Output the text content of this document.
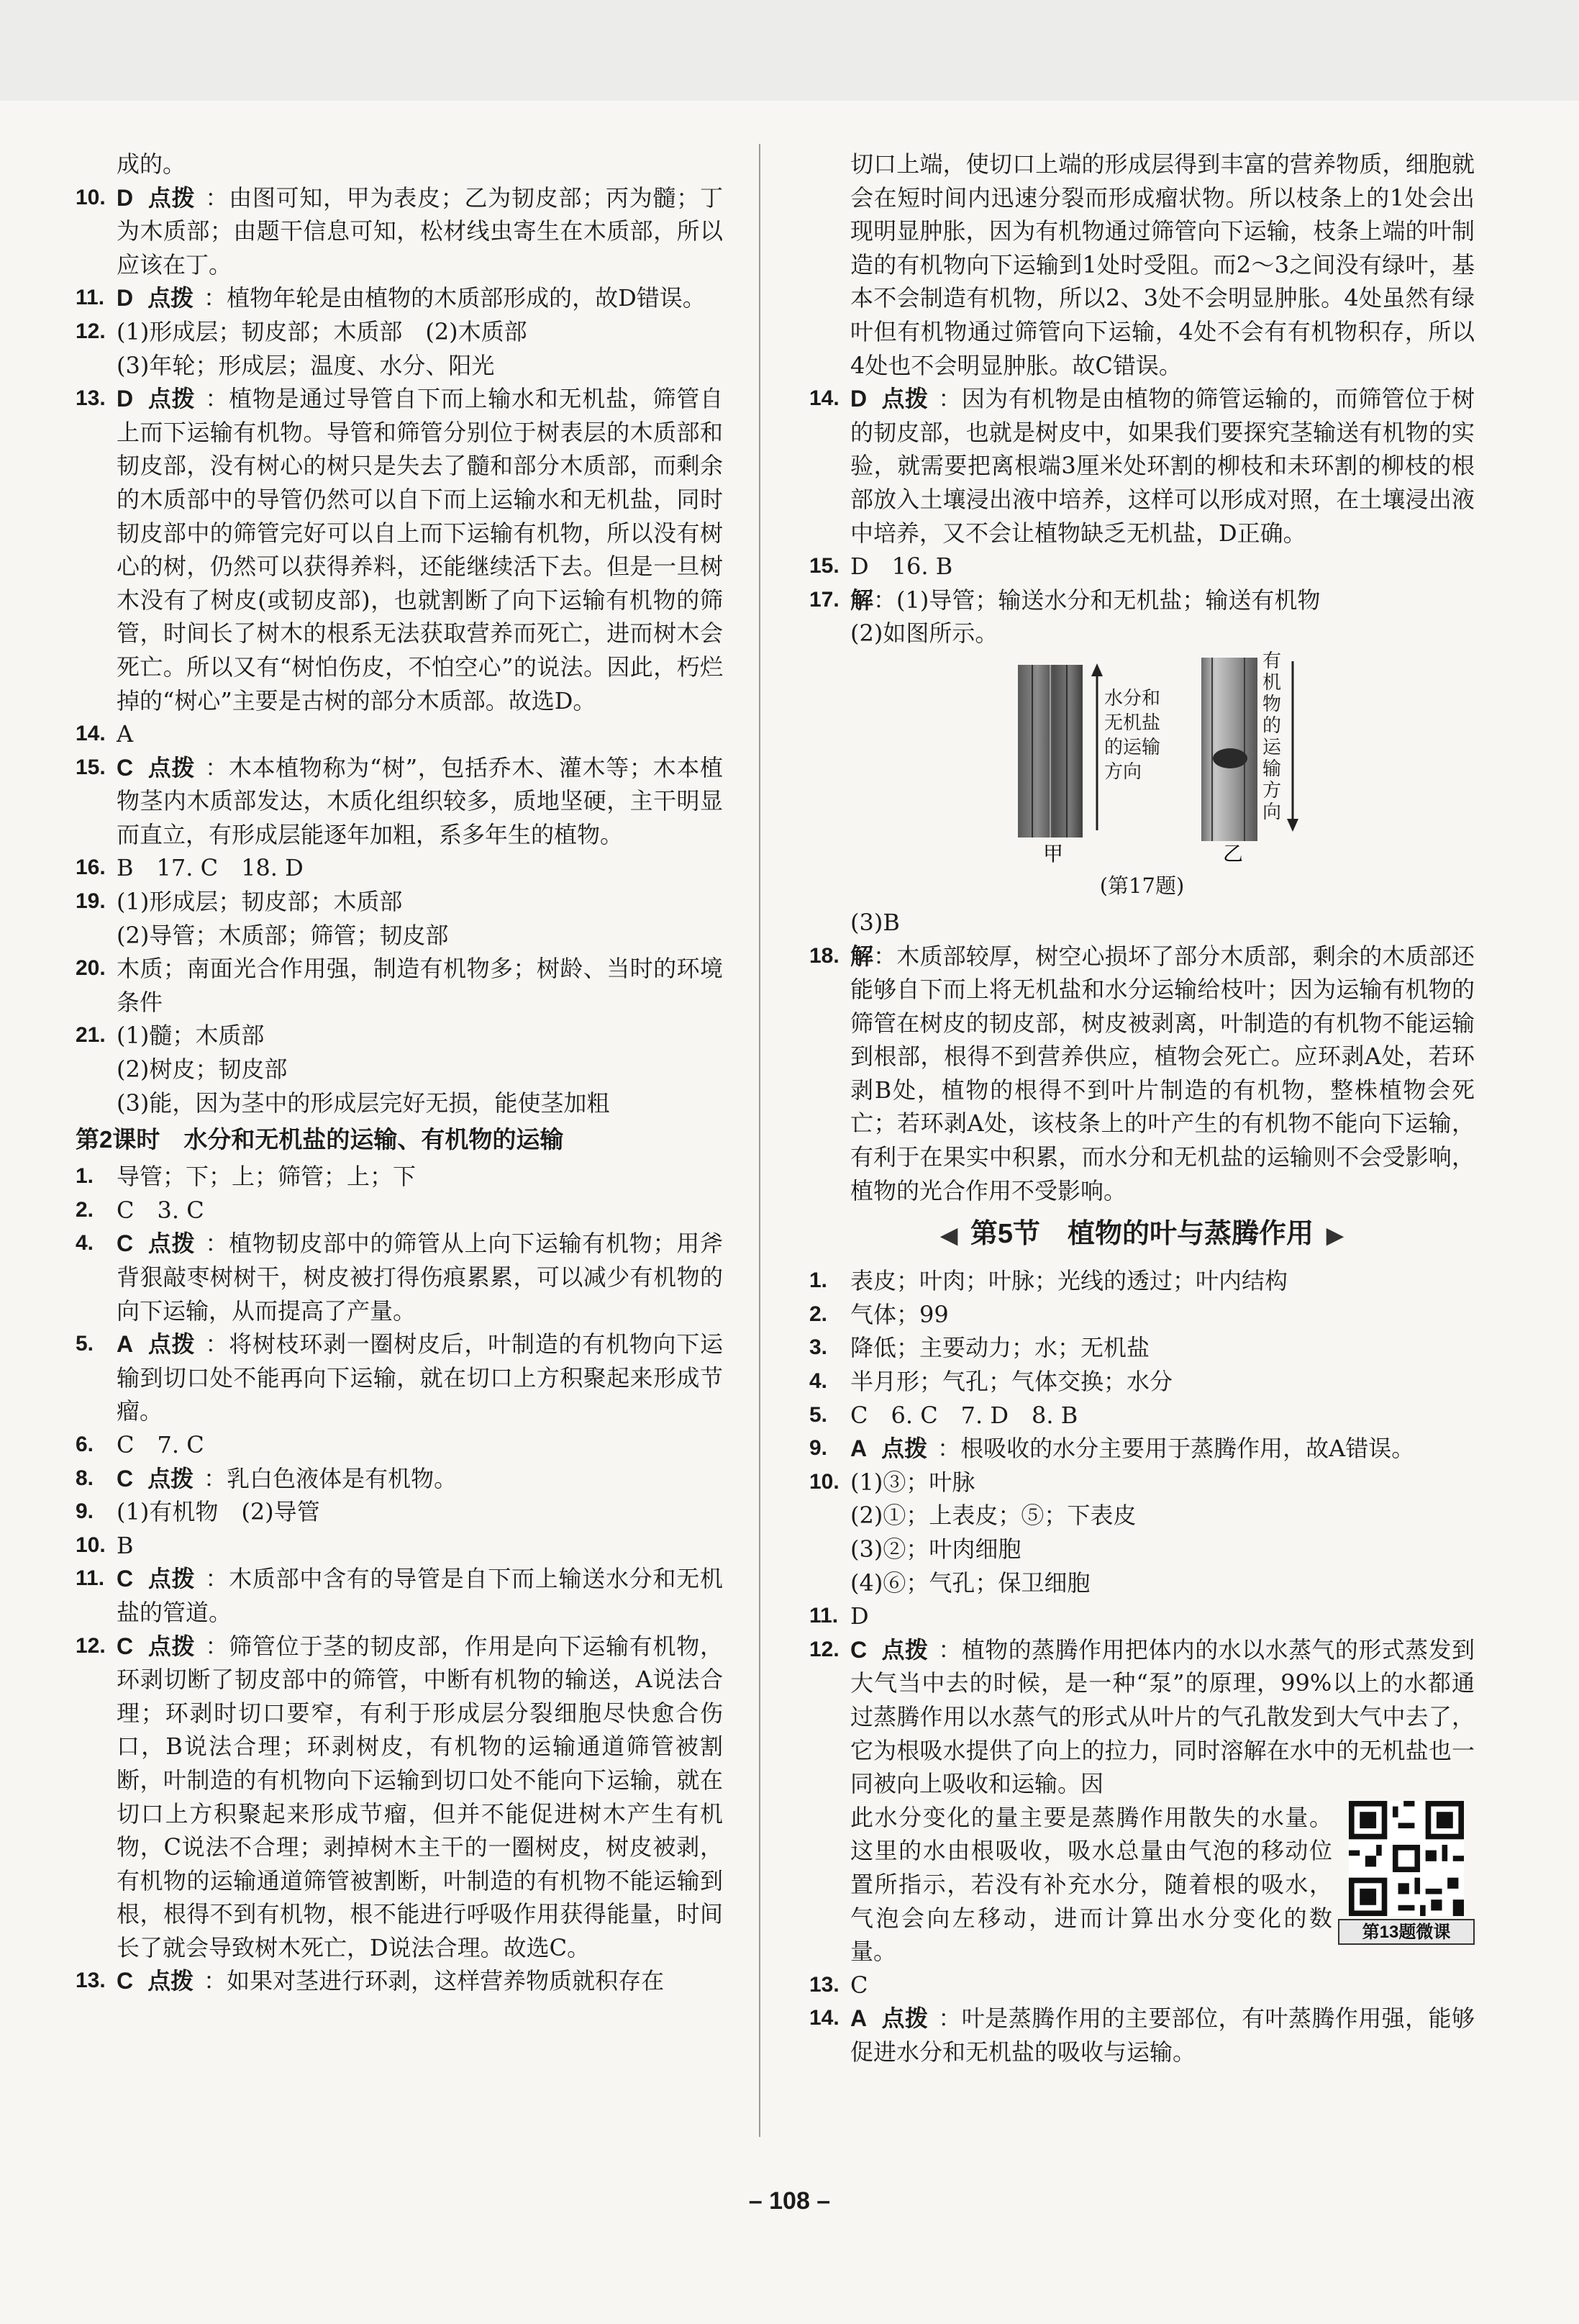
成的。

10. D 点拨 ：由图可知，甲为表皮；乙为韧皮部；丙为髓；丁为木质部；由题干信息可知，松材线虫寄生在木质部，所以应该在丁。
11. D 点拨 ：植物年轮是由植物的木质部形成的，故D错误。
12. (1)形成层；韧皮部；木质部　(2)木质部

(3)年轮；形成层；温度、水分、阳光

13. D 点拨 ：植物是通过导管自下而上输水和无机盐，筛管自上而下运输有机物。导管和筛管分别位于树表层的木质部和韧皮部，没有树心的树只是失去了髓和部分木质部，而剩余的木质部中的导管仍然可以自下而上运输水和无机盐，同时韧皮部中的筛管完好可以自上而下运输有机物，所以没有树心的树，仍然可以获得养料，还能继续活下去。但是一旦树木没有了树皮(或韧皮部)，也就割断了向下运输有机物的筛管，时间长了树木的根系无法获取营养而死亡，进而树木会死亡。所以又有“树怕伤皮，不怕空心”的说法。因此，朽烂掉的“树心”主要是古树的部分木质部。故选D。
14. A
15. C 点拨 ：木本植物称为“树”，包括乔木、灌木等；木本植物茎内木质部发达，木质化组织较多，质地坚硬，主干明显而直立，有形成层能逐年加粗，系多年生的植物。
16. B　17. C　18. D
19. (1)形成层；韧皮部；木质部

(2)导管；木质部；筛管；韧皮部

20. 木质；南面光合作用强，制造有机物多；树龄、当时的环境条件
21. (1)髓；木质部

(2)树皮；韧皮部

(3)能，因为茎中的形成层完好无损，能使茎加粗

第2课时　水分和无机盐的运输、有机物的运输
1. 导管；下；上；筛管；上；下
2. C　3. C
4. C 点拨 ：植物韧皮部中的筛管从上向下运输有机物；用斧背狠敲枣树树干，树皮被打得伤痕累累，可以减少有机物的向下运输，从而提高了产量。
5. A 点拨 ：将树枝环剥一圈树皮后，叶制造的有机物向下运输到切口处不能再向下运输，就在切口上方积聚起来形成节瘤。
6. C　7. C
8. C 点拨 ：乳白色液体是有机物。
9. (1)有机物　(2)导管
10. B
11. C 点拨 ：木质部中含有的导管是自下而上输送水分和无机盐的管道。
12. C 点拨 ：筛管位于茎的韧皮部，作用是向下运输有机物，环剥切断了韧皮部中的筛管，中断有机物的输送，A说法合理；环剥时切口要窄，有利于形成层分裂细胞尽快愈合伤口，B说法合理；环剥树皮，有机物的运输通道筛管被割断，叶制造的有机物向下运输到切口处不能向下运输，就在切口上方积聚起来形成节瘤，但并不能促进树木产生有机物，C说法不合理；剥掉树木主干的一圈树皮，树皮被剥，有机物的运输通道筛管被割断，叶制造的有机物不能运输到根，根得不到有机物，根不能进行呼吸作用获得能量，时间长了就会导致树木死亡，D说法合理。故选C。
13. C 点拨 ：如果对茎进行环剥，这样营养物质就积存在

切口上端，使切口上端的形成层得到丰富的营养物质，细胞就会在短时间内迅速分裂而形成瘤状物。所以枝条上的1处会出现明显肿胀，因为有机物通过筛管向下运输，枝条上端的叶制造的有机物向下运输到1处时受阻。而2～3之间没有绿叶，基本不会制造有机物，所以2、3处不会明显肿胀。4处虽然有绿叶但有机物通过筛管向下运输，4处不会有有机物积存，所以4处也不会明显肿胀。故C错误。

14. D 点拨 ：因为有机物是由植物的筛管运输的，而筛管位于树的韧皮部，也就是树皮中，如果我们要探究茎输送有机物的实验，就需要把离根端3厘米处环割的柳枝和未环割的柳枝的根部放入土壤浸出液中培养，这样可以形成对照，在土壤浸出液中培养，又不会让植物缺乏无机盐，D正确。
15. D　16. B
17. 解：(1)导管；输送水分和无机盐；输送有机物

(2)如图所示。

水分和无机盐的运输方向
甲
有机物的运输方向
乙

(第17题)

(3)B

18. 解：木质部较厚，树空心损坏了部分木质部，剩余的木质部还能够自下而上将无机盐和水分运输给枝叶；因为运输有机物的筛管在树皮的韧皮部，树皮被剥离，叶制造的有机物不能运输到根部，根得不到营养供应，植物会死亡。应环剥A处，若环剥B处，植物的根得不到叶片制造的有机物，整株植物会死亡；若环剥A处，该枝条上的叶产生的有机物不能向下运输，有利于在果实中积累，而水分和无机盐的运输则不会受影响，植物的光合作用不受影响。
◀ 第5节　植物的叶与蒸腾作用 ▶
1. 表皮；叶肉；叶脉；光线的透过；叶内结构
2. 气体；99
3. 降低；主要动力；水；无机盐
4. 半月形；气孔；气体交换；水分
5. C　6. C　7. D　8. B
9. A 点拨 ：根吸收的水分主要用于蒸腾作用，故A错误。
10. (1)③；叶脉

(2)①；上表皮；⑤；下表皮

(3)②；叶肉细胞

(4)⑥；气孔；保卫细胞

11. D
12. C 点拨 ：植物的蒸腾作用把体内的水以水蒸气的形式蒸发到大气当中去的时候，是一种“泵”的原理，99%以上的水都通过蒸腾作用以水蒸气的形式从叶片的气孔散发到大气中去了，它为根吸水提供了向上的拉力，同时溶解在水中的无机盐也一同被向上吸收和运输。因

此水分变化的量主要是蒸腾作用散失的水量。这里的水由根吸收，吸水总量由气泡的移动位置所指示，若没有补充水分，随着根的吸水，气泡会向左移动，进而计算出水分变化的数量。

第13题微课
13. C
14. A 点拨 ：叶是蒸腾作用的主要部位，有叶蒸腾作用强，能够促进水分和无机盐的吸收与运输。
– 108 –
